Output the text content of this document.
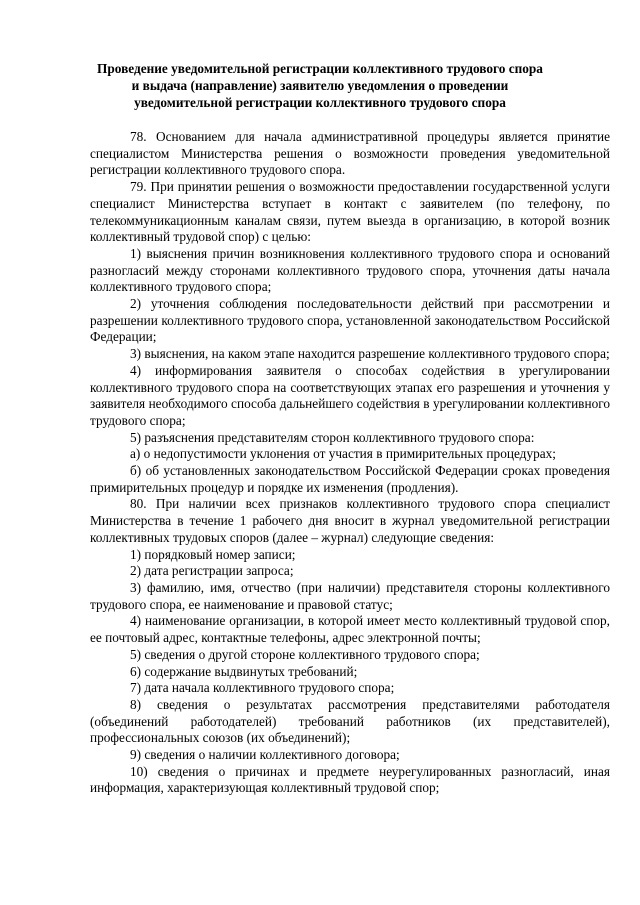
Проведение уведомительной регистрации коллективного трудового спора
и выдача (направление) заявителю уведомления о проведении
уведомительной регистрации коллективного трудового спора

78. Основанием для начала административной процедуры является принятие специалистом Министерства решения о возможности проведения уведомительной регистрации коллективного трудового спора.

79. При принятии решения о возможности предоставлении государственной услуги специалист Министерства вступает в контакт с заявителем (по телефону, по телекоммуникационным каналам связи, путем выезда в организацию, в которой возник коллективный трудовой спор) с целью:

1) выяснения причин возникновения коллективного трудового спора и оснований разногласий между сторонами коллективного трудового спора, уточнения даты начала коллективного трудового спора;

2) уточнения соблюдения последовательности действий при рассмотрении и разрешении коллективного трудового спора, установленной законодательством Российской Федерации;

3) выяснения, на каком этапе находится разрешение коллективного трудового спора;

4) информирования заявителя о способах содействия в урегулировании коллективного трудового спора на соответствующих этапах его разрешения и уточнения у заявителя необходимого способа дальнейшего содействия в урегулировании коллективного трудового спора;

5) разъяснения представителям сторон коллективного трудового спора:

а) о недопустимости уклонения от участия в примирительных процедурах;

б) об установленных законодательством Российской Федерации сроках проведения примирительных процедур и порядке их изменения (продления).

80. При наличии всех признаков коллективного трудового спора специалист Министерства в течение 1 рабочего дня вносит в журнал уведомительной регистрации коллективных трудовых споров (далее – журнал) следующие сведения:

1) порядковый номер записи;

2) дата регистрации запроса;

3) фамилию, имя, отчество (при наличии) представителя стороны коллективного трудового спора, ее наименование и правовой статус;

4) наименование организации, в которой имеет место коллективный трудовой спор, ее почтовый адрес, контактные телефоны, адрес электронной почты;

5) сведения о другой стороне коллективного трудового спора;

6) содержание выдвинутых требований;

7) дата начала коллективного трудового спора;

8) сведения о результатах рассмотрения представителями работодателя (объединений работодателей) требований работников (их представителей), профессиональных союзов (их объединений);

9) сведения о наличии коллективного договора;

10) сведения о причинах и предмете неурегулированных разногласий, иная информация, характеризующая коллективный трудовой спор;
